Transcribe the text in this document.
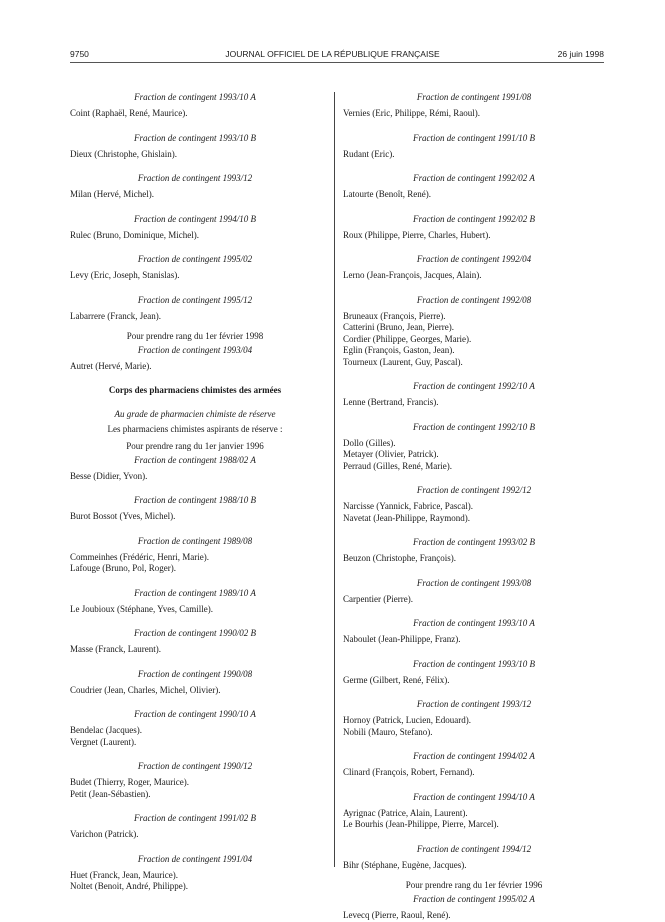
9750	JOURNAL OFFICIEL DE LA RÉPUBLIQUE FRANÇAISE	26 juin 1998
Fraction de contingent 1993/10 A
Coint (Raphaël, René, Maurice).
Fraction de contingent 1993/10 B
Dieux (Christophe, Ghislain).
Fraction de contingent 1993/12
Milan (Hervé, Michel).
Fraction de contingent 1994/10 B
Rulec (Bruno, Dominique, Michel).
Fraction de contingent 1995/02
Levy (Eric, Joseph, Stanislas).
Fraction de contingent 1995/12
Labarrere (Franck, Jean).
Pour prendre rang du 1er février 1998
Fraction de contingent 1993/04
Autret (Hervé, Marie).
Corps des pharmaciens chimistes des armées
Au grade de pharmacien chimiste de réserve
Les pharmaciens chimistes aspirants de réserve :
Pour prendre rang du 1er janvier 1996
Fraction de contingent 1988/02 A
Besse (Didier, Yvon).
Fraction de contingent 1988/10 B
Burot Bossot (Yves, Michel).
Fraction de contingent 1989/08
Commeinhes (Frédéric, Henri, Marie).
Lafouge (Bruno, Pol, Roger).
Fraction de contingent 1989/10 A
Le Joubioux (Stéphane, Yves, Camille).
Fraction de contingent 1990/02 B
Masse (Franck, Laurent).
Fraction de contingent 1990/08
Coudrier (Jean, Charles, Michel, Olivier).
Fraction de contingent 1990/10 A
Bendelac (Jacques).
Vergnet (Laurent).
Fraction de contingent 1990/12
Budet (Thierry, Roger, Maurice).
Petit (Jean-Sébastien).
Fraction de contingent 1991/02 B
Varichon (Patrick).
Fraction de contingent 1991/04
Huet (Franck, Jean, Maurice).
Noltet (Benoit, André, Philippe).
Fraction de contingent 1991/08
Vernies (Eric, Philippe, Rémi, Raoul).
Fraction de contingent 1991/10 B
Rudant (Eric).
Fraction de contingent 1992/02 A
Latourte (Benoît, René).
Fraction de contingent 1992/02 B
Roux (Philippe, Pierre, Charles, Hubert).
Fraction de contingent 1992/04
Lerno (Jean-François, Jacques, Alain).
Fraction de contingent 1992/08
Bruneaux (François, Pierre).
Catterini (Bruno, Jean, Pierre).
Cordier (Philippe, Georges, Marie).
Eglin (François, Gaston, Jean).
Tourneux (Laurent, Guy, Pascal).
Fraction de contingent 1992/10 A
Lenne (Bertrand, Francis).
Fraction de contingent 1992/10 B
Dollo (Gilles).
Metayer (Olivier, Patrick).
Perraud (Gilles, René, Marie).
Fraction de contingent 1992/12
Narcisse (Yannick, Fabrice, Pascal).
Navetat (Jean-Philippe, Raymond).
Fraction de contingent 1993/02 B
Beuzon (Christophe, François).
Fraction de contingent 1993/08
Carpentier (Pierre).
Fraction de contingent 1993/10 A
Naboulet (Jean-Philippe, Franz).
Fraction de contingent 1993/10 B
Germe (Gilbert, René, Félix).
Fraction de contingent 1993/12
Hornoy (Patrick, Lucien, Edouard).
Nobili (Mauro, Stefano).
Fraction de contingent 1994/02 A
Clinard (François, Robert, Fernand).
Fraction de contingent 1994/10 A
Ayrignac (Patrice, Alain, Laurent).
Le Bourhis (Jean-Philippe, Pierre, Marcel).
Fraction de contingent 1994/12
Bihr (Stéphane, Eugène, Jacques).
Pour prendre rang du 1er février 1996
Fraction de contingent 1995/02 A
Levecq (Pierre, Raoul, René).
